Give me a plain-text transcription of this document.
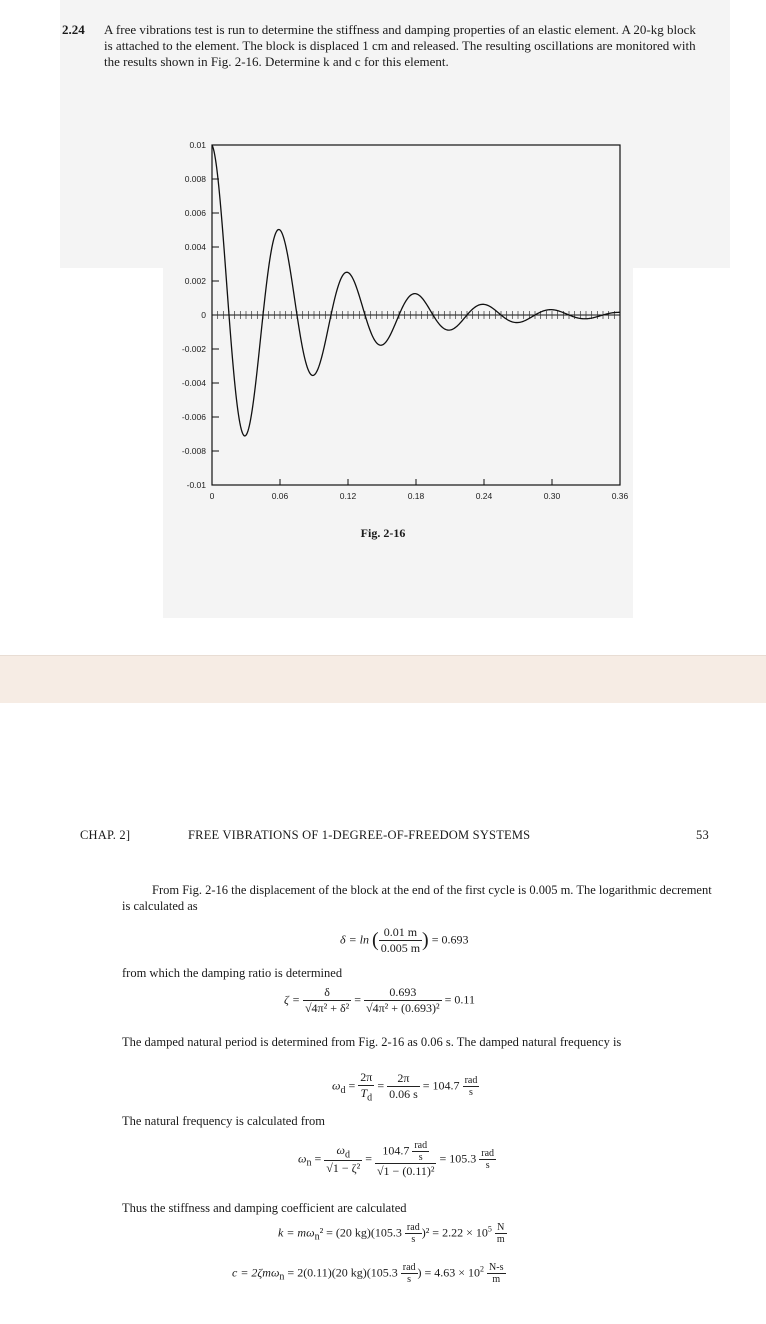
2.24 A free vibrations test is run to determine the stiffness and damping properties of an elastic element. A 20-kg block is attached to the element. The block is displaced 1 cm and released. The resulting oscillations are monitored with the results shown in Fig. 2-16. Determine k and c for this element.
0.01
0.008
0.006
0.004
0.002
0
-0.002
-0.004
-0.006
-0.008
-0.01
0	0.06	0.12	0.18	0.24	0.30	0.36
Fig. 2-16
CHAP. 2]	FREE VIBRATIONS OF 1-DEGREE-OF-FREEDOM SYSTEMS	53
From Fig. 2-16 the displacement of the block at the end of the first cycle is 0.005 m. The logarithmic decrement is calculated as
δ = ln ( $\frac{0.01 m}{0.005 m}$ ) = 0.693
from which the damping ratio is determined
$\zeta = \frac{\delta}{\text{√4π² + δ²}} = \frac{0.693}{\text{√4π² + (0.693)²}} = 0.11$
The damped natural period is determined from Fig. 2-16 as 0.06 s. The damped natural frequency is
$\omega_d = \frac{2\pi}{T_d} = \frac{2\pi}{0.06 s} = 104.7 \frac{\text{rad}}{s}$
The natural frequency is calculated from
$\omega_n = \frac{\omega_d}{\text{√1 − ζ²}} = \frac{104.7 \frac{\text{rad}}{s}}{\text{√1 − (0.11)²}} = 105.3 \frac{\text{rad}}{s}$
Thus the stiffness and damping coefficient are calculated
$k = m\omega_n^2 = (20$ $kg)(105.3 \frac{\text{rad}}{s} )^2 = 2.22 \times 10^5 \frac{N}{m}$
c = 2ζmω$_n$ = 2(0.11)(20 $kg)(105.3 \frac{\text{rad}}{s}$ ) = $4.63 \times 10^2 \frac{N-s}{m}$
